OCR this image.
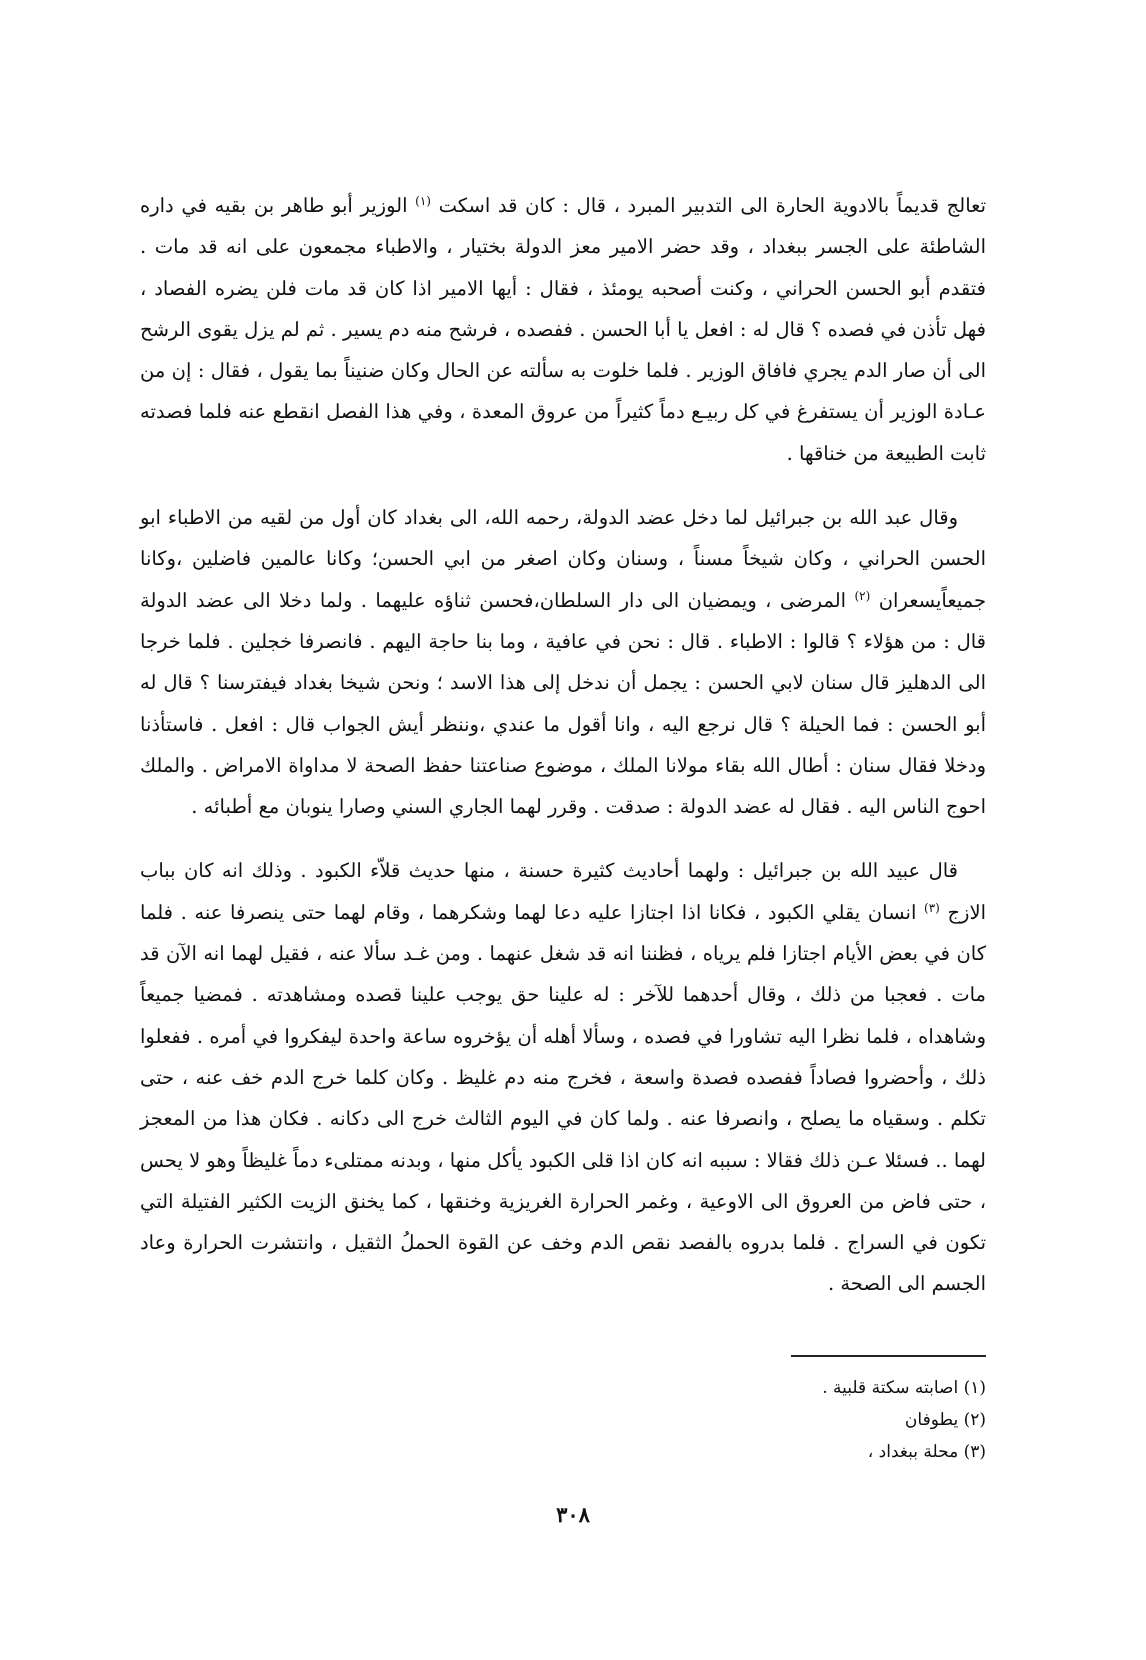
تعالج قديماً بالادوية الحارة الى التدبير المبرد ، قال : كان قد اسكت $^{(١)}$ الوزير أبو طاهر بن بقيه في داره الشاطئة على الجسر ببغداد ، وقد حضر الامير معز الدولة بختيار ، والاطباء مجمعون على انه قد مات . فتقدم أبو الحسن الحراني ، وكنت أصحبه يومئذ ، فقال : أيها الامير اذا كان قد مات فلن يضره الفصاد ، فهل تأذن في فصده ؟ قال له : افعل يا أبا الحسن . ففصده ، فرشح منه دم يسير . ثم لم يزل يقوى الرشح الى أن صار الدم يجري فافاق الوزير . فلما خلوت به سألته عن الحال وكان ضنيناً بما يقول ، فقال : إن من عـادة الوزير أن يستفرغ في كل ربيـع دماً كثيراً من عروق المعدة ، وفي هذا الفصل انقطع عنه فلما فصدته ثابت الطبيعة من خناقها .

وقال عبد الله بن جبرائيل لما دخل عضد الدولة، رحمه الله، الى بغداد كان أول من لقيه من الاطباء ابو الحسن الحراني ، وكان شيخاً مسناً ، وسنان وكان اصغر من ابي الحسن؛ وكانا عالمين فاضلين ،وكانا جميعاًيسعران $^{(٢)}$ المرضى ، ويمضيان الى دار السلطان،فحسن ثناؤه عليهما . ولما دخلا الى عضد الدولة قال : من هؤلاء ؟ قالوا : الاطباء . قال : نحن في عافية ، وما بنا حاجة اليهم . فانصرفا خجلين . فلما خرجا الى الدهليز قال سنان لابي الحسن : يجمل أن ندخل إلى هذا الاسد ؛ ونحن شيخا بغداد فيفترسنا ؟ قال له أبو الحسن : فما الحيلة ؟ قال نرجع اليه ، وانا أقول ما عندي ،وننظر أيش الجواب قال : افعل . فاستأذنا ودخلا فقال سنان : أطال الله بقاء مولانا الملك ، موضوع صناعتنا حفظ الصحة لا مداواة الامراض . والملك احوج الناس اليه . فقال له عضد الدولة : صدقت . وقرر لهما الجاري السني وصارا ينوبان مع أطبائه .

قال عبيد الله بن جبرائيل : ولهما أحاديث كثيرة حسنة ، منها حديث قلاّء الكبود . وذلك انه كان بباب الازج $^{(٣)}$ انسان يقلي الكبود ، فكانا اذا اجتازا عليه دعا لهما وشكرهما ، وقام لهما حتى ينصرفا عنه . فلما كان في بعض الأيام اجتازا فلم يرياه ، فظننا انه قد شغل عنهما . ومن غـد سألا عنه ، فقيل لهما انه الآن قد مات . فعجبا من ذلك ، وقال أحدهما للآخر : له علينا حق يوجب علينا قصده ومشاهدته . فمضيا جميعاً وشاهداه ، فلما نظرا اليه تشاورا في فصده ، وسألا أهله أن يؤخروه ساعة واحدة ليفكروا في أمره . ففعلوا ذلك ، وأحضروا فصاداً ففصده فصدة واسعة ، فخرج منه دم غليظ . وكان كلما خرج الدم خف عنه ، حتى تكلم . وسقياه ما يصلح ، وانصرفا عنه . ولما كان في اليوم الثالث خرج الى دكانه . فكان هذا من المعجز لهما .. فسئلا عـن ذلك فقالا : سببه انه كان اذا قلى الكبود يأكل منها ، وبدنه ممتلىء دماً غليظاً وهو لا يحس ، حتى فاض من العروق الى الاوعية ، وغمر الحرارة الغريزية وخنقها ، كما يخنق الزيت الكثير الفتيلة التي تكون في السراج . فلما بدروه بالفصد نقص الدم وخف عن القوة الحملُ الثقيل ، وانتشرت الحرارة وعاد الجسم الى الصحة .

(١) اصابته سكتة قلبية .

(٢) يطوفان

(٣) محلة ببغداد ،

٣٠٨
